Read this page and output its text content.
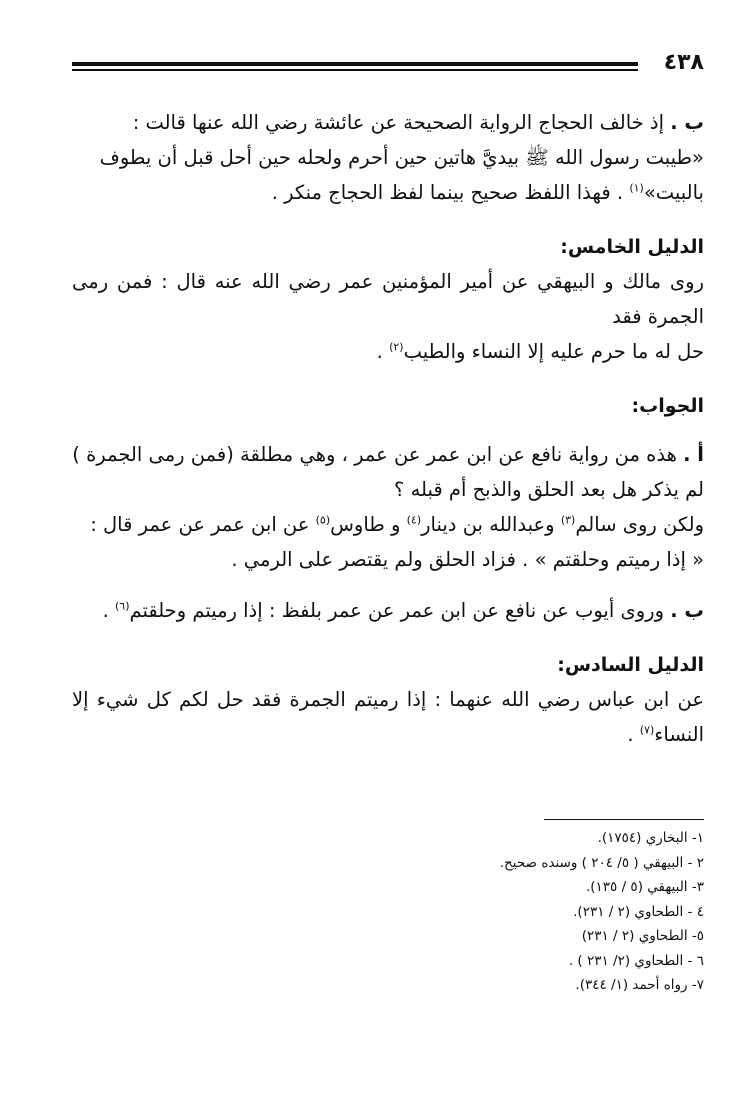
٤٣٨

ب . إذ خالف الحجاج الرواية الصحيحة عن عائشة رضي الله عنها قالت :
«طيبت رسول الله ﷺ بيديَّ هاتين حين أحرم ولحله حين أحل قبل أن يطوف
بالبيت»$^{(١)}$ . فهذا اللفظ صحيح بينما لفظ الحجاج منكر .

الدليل الخامس:

روى مالك و البيهقي عن أمير المؤمنين عمر رضي الله عنه قال : فمن رمى الجمرة فقد
حل له ما حرم عليه إلا النساء والطيب$^{(٢)}$ .

الجواب:

أ . هذه من رواية نافع عن ابن عمر عن عمر ، وهي مطلقة (فمن رمى الجمرة )
لم يذكر هل بعد الحلق والذبح أم قبله ؟
ولكن روى سالم$^{(٣)}$ وعبدالله بن دينار$^{(٤)}$ و طاوس$^{(٥)}$ عن ابن عمر عن عمر قال :
« إذا رميتم وحلقتم » . فزاد الحلق ولم يقتصر على الرمي .

ب . وروى أيوب عن نافع عن ابن عمر عن عمر بلفظ : إذا رميتم وحلقتم$^{(٦)}$ .

الدليل السادس:

عن ابن عباس رضي الله عنهما : إذا رميتم الجمرة فقد حل لكم كل شيء إلا النساء$^{(٧)}$ .

١- البخاري (١٧٥٤).
٢ - البيهقي ( ٥/ ٢٠٤ ) وسنده صحيح.
٣- البيهقي (٥ / ١٣٥).
٤ - الطحاوي (٢ / ٢٣١).
٥- الطحاوي (٢ / ٢٣١)
٦ - الطحاوي (٢/ ٢٣١ ) .
٧- رواه أحمد (١/ ٣٤٤).
